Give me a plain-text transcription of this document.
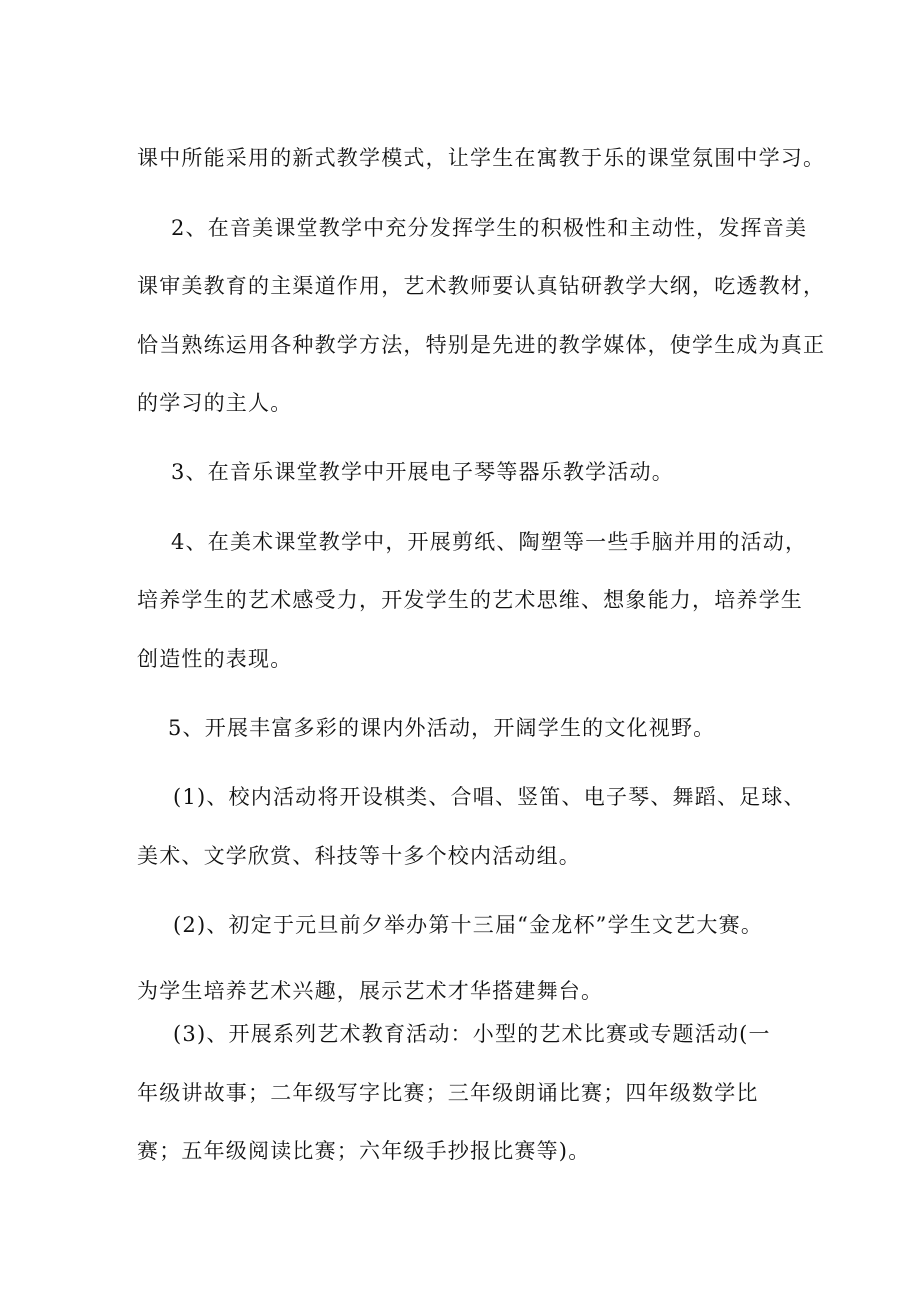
课中所能采用的新式教学模式，让学生在寓教于乐的课堂氛围中学习。
2、在音美课堂教学中充分发挥学生的积极性和主动性，发挥音美
课审美教育的主渠道作用，艺术教师要认真钻研教学大纲，吃透教材，
恰当熟练运用各种教学方法，特别是先进的教学媒体，使学生成为真正
的学习的主人。
3、在音乐课堂教学中开展电子琴等器乐教学活动。
4、在美术课堂教学中，开展剪纸、陶塑等一些手脑并用的活动，
培养学生的艺术感受力，开发学生的艺术思维、想象能力，培养学生
创造性的表现。
5、开展丰富多彩的课内外活动，开阔学生的文化视野。
(1)、校内活动将开设棋类、合唱、竖笛、电子琴、舞蹈、足球、
美术、文学欣赏、科技等十多个校内活动组。
(2)、初定于元旦前夕举办第十三届“金龙杯”学生文艺大赛。
为学生培养艺术兴趣，展示艺术才华搭建舞台。
(3)、开展系列艺术教育活动：小型的艺术比赛或专题活动(一
年级讲故事；二年级写字比赛；三年级朗诵比赛；四年级数学比
赛；五年级阅读比赛；六年级手抄报比赛等)。
